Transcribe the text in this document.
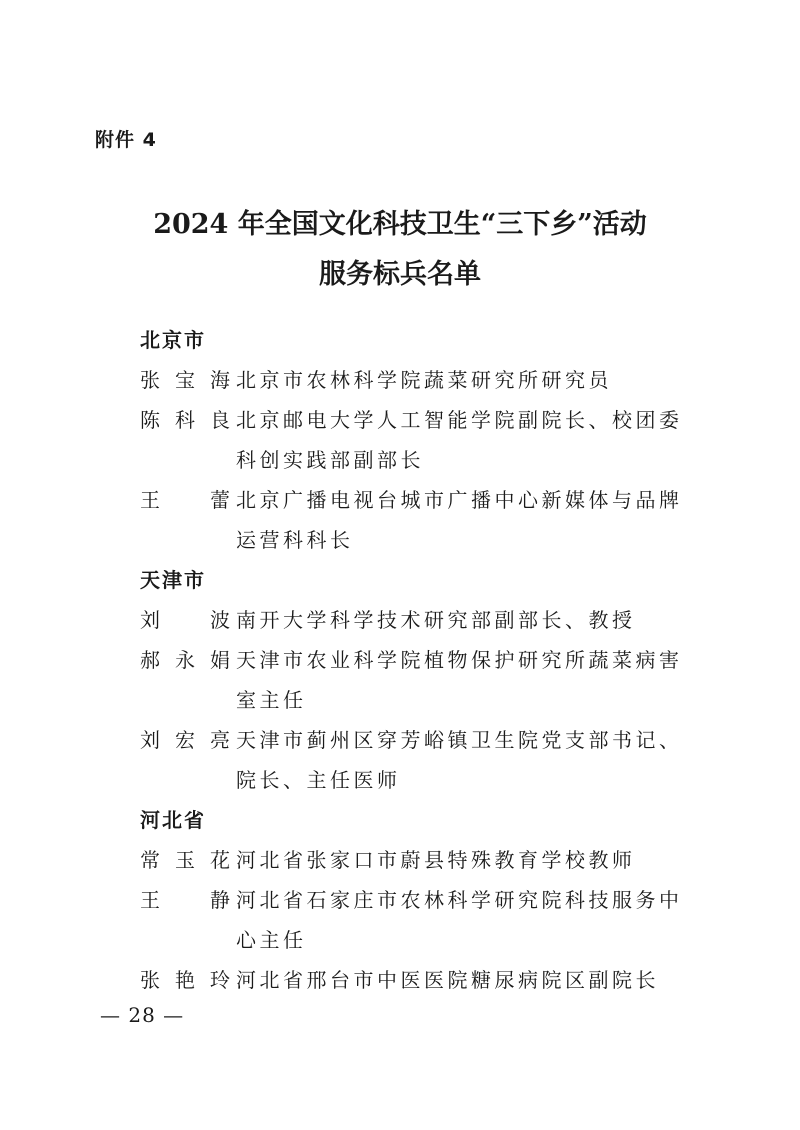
附件 4
2024 年全国文化科技卫生“三下乡”活动
服务标兵名单
北京市
张宝海 北京市农林科学院蔬菜研究所研究员
陈科良 北京邮电大学人工智能学院副院长、校团委科创实践部副部长
王 蕾 北京广播电视台城市广播中心新媒体与品牌运营科科长
天津市
刘 波 南开大学科学技术研究部副部长、教授
郝永娟 天津市农业科学院植物保护研究所蔬菜病害室主任
刘宏亮 天津市蓟州区穿芳峪镇卫生院党支部书记、院长、主任医师
河北省
常玉花 河北省张家口市蔚县特殊教育学校教师
王 静 河北省石家庄市农林科学研究院科技服务中心主任
张艳玲 河北省邢台市中医医院糖尿病院区副院长
— 28 —
